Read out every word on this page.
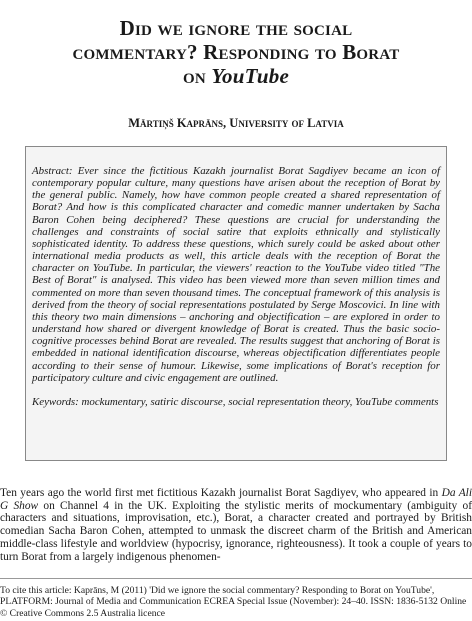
Did we ignore the social
commentary? Responding to Borat
on YouTube
Mārtiņš Kaprāns, University of Latvia

Abstract: Ever since the fictitious Kazakh journalist Borat Sagdiyev became an icon of contemporary popular culture, many questions have arisen about the reception of Borat by the general public. Namely, how have common people created a shared representation of Borat? And how is this complicated character and comedic manner undertaken by Sacha Baron Cohen being deciphered? These questions are crucial for understanding the challenges and constraints of social satire that exploits ethnically and stylistically sophisticated identity. To address these questions, which surely could be asked about other international media products as well, this article deals with the reception of Borat the character on YouTube. In particular, the viewers' reaction to the YouTube video titled "The Best of Borat" is analysed. This video has been viewed more than seven million times and commented on more than seven thousand times. The conceptual framework of this analysis is derived from the theory of social representations postulated by Serge Moscovici. In line with this theory two main dimensions – anchoring and objectification – are explored in order to understand how shared or divergent knowledge of Borat is created. Thus the basic socio-cognitive processes behind Borat are revealed. The results suggest that anchoring of Borat is embedded in national identification discourse, whereas objectification differentiates people according to their sense of humour. Likewise, some implications of Borat's reception for participatory culture and civic engagement are outlined.

Keywords: mockumentary, satiric discourse, social representation theory, YouTube comments

Ten years ago the world first met fictitious Kazakh journalist Borat Sagdiyev, who appeared in Da Ali G Show on Channel 4 in the UK. Exploiting the stylistic merits of mockumentary (ambiguity of characters and situations, improvisation, etc.), Borat, a character created and portrayed by British comedian Sacha Baron Cohen, attempted to unmask the discreet charm of the British and American middle-class lifestyle and worldview (hypocrisy, ignorance, righteousness). It took a couple of years to turn Borat from a largely indigenous phenomen-

To cite this article: Kaprāns, M (2011) 'Did we ignore the social commentary? Responding to Borat on YouTube', PLATFORM: Journal of Media and Communication ECREA Special Issue (November): 24–40. ISSN: 1836-5132 Online © Creative Commons 2.5 Australia licence
